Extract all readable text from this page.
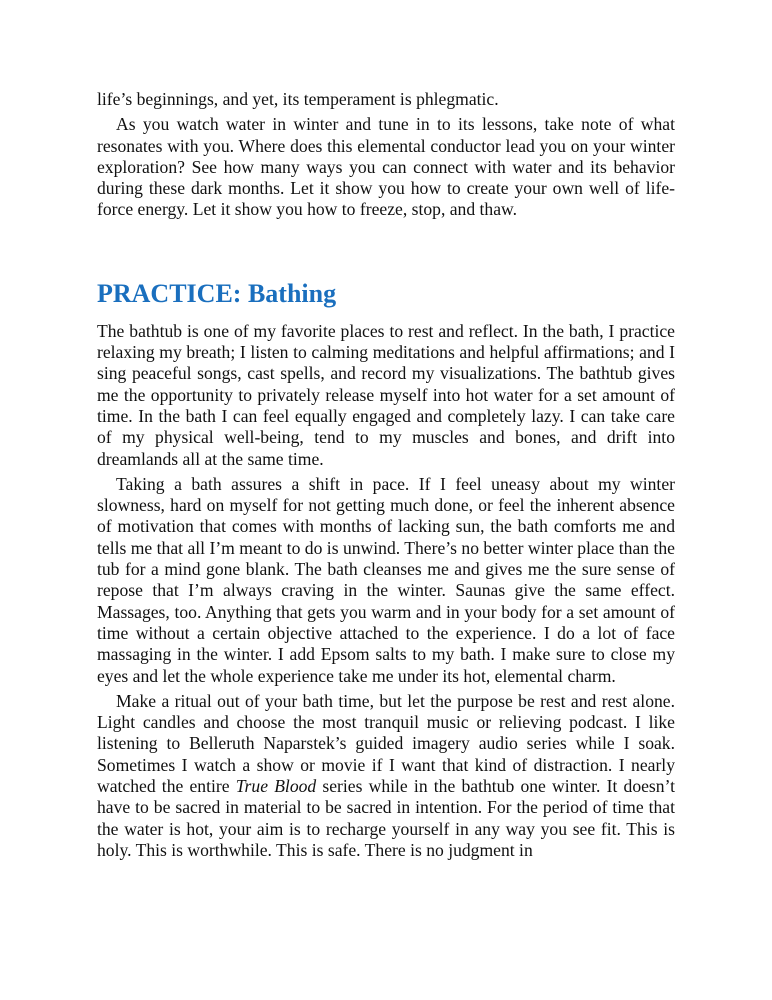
life’s beginnings, and yet, its temperament is phlegmatic.

As you watch water in winter and tune in to its lessons, take note of what resonates with you. Where does this elemental conductor lead you on your winter exploration? See how many ways you can connect with water and its behavior during these dark months. Let it show you how to create your own well of life-force energy. Let it show you how to freeze, stop, and thaw.

PRACTICE: Bathing

The bathtub is one of my favorite places to rest and reflect. In the bath, I practice relaxing my breath; I listen to calming meditations and helpful affirmations; and I sing peaceful songs, cast spells, and record my visualizations. The bathtub gives me the opportunity to privately release myself into hot water for a set amount of time. In the bath I can feel equally engaged and completely lazy. I can take care of my physical well-being, tend to my muscles and bones, and drift into dreamlands all at the same time.

Taking a bath assures a shift in pace. If I feel uneasy about my winter slowness, hard on myself for not getting much done, or feel the inherent absence of motivation that comes with months of lacking sun, the bath comforts me and tells me that all I’m meant to do is unwind. There’s no better winter place than the tub for a mind gone blank. The bath cleanses me and gives me the sure sense of repose that I’m always craving in the winter. Saunas give the same effect. Massages, too. Anything that gets you warm and in your body for a set amount of time without a certain objective attached to the experience. I do a lot of face massaging in the winter. I add Epsom salts to my bath. I make sure to close my eyes and let the whole experience take me under its hot, elemental charm.

Make a ritual out of your bath time, but let the purpose be rest and rest alone. Light candles and choose the most tranquil music or relieving podcast. I like listening to Belleruth Naparstek’s guided imagery audio series while I soak. Sometimes I watch a show or movie if I want that kind of distraction. I nearly watched the entire True Blood series while in the bathtub one winter. It doesn’t have to be sacred in material to be sacred in intention. For the period of time that the water is hot, your aim is to recharge yourself in any way you see fit. This is holy. This is worthwhile. This is safe. There is no judgment in
